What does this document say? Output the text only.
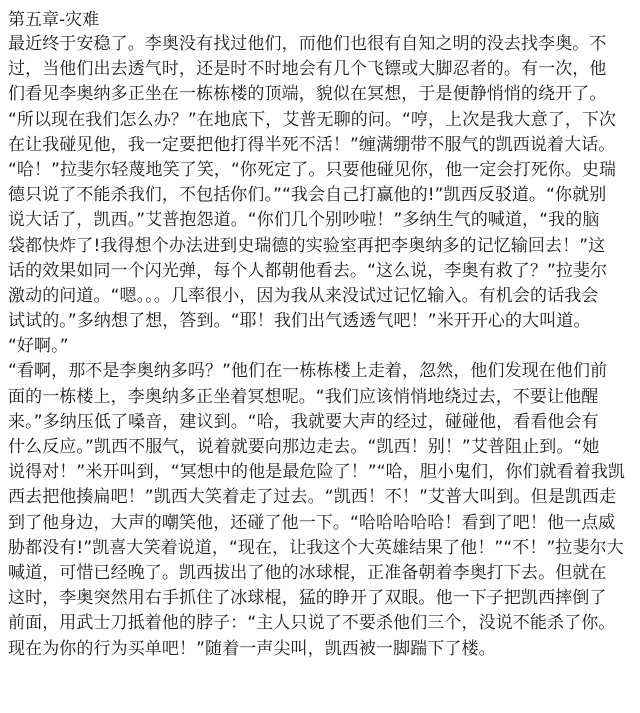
第五章-灾难
最近终于安稳了。李奥没有找过他们，而他们也很有自知之明的没去找李奥。不
过，当他们出去透气时，还是时不时地会有几个飞镖或大脚忍者的。有一次，他
们看见李奥纳多正坐在一栋栋楼的顶端，貌似在冥想，于是便静悄悄的绕开了。
“所以现在我们怎么办？”在地底下，艾普无聊的问。“哼，上次是我大意了，下次
在让我碰见他，我一定要把他打得半死不活！”缠满绷带不服气的凯西说着大话。
“哈！”拉斐尔轻蔑地笑了笑，“你死定了。只要他碰见你，他一定会打死你。史瑞
德只说了不能杀我们，不包括你们。”“我会自己打赢他的!”凯西反驳道。“你就别
说大话了，凯西。”艾普抱怨道。“你们几个别吵啦！”多纳生气的喊道，“我的脑
袋都快炸了!我得想个办法进到史瑞德的实验室再把李奥纳多的记忆输回去！”这
话的效果如同一个闪光弹，每个人都朝他看去。“这么说，李奥有救了？”拉斐尔
激动的问道。“嗯。。。几率很小，因为我从来没试过记忆输入。有机会的话我会
试试的。”多纳想了想，答到。“耶！我们出气透透气吧！”米开开心的大叫道。
“好啊。”
“看啊，那不是李奥纳多吗？”他们在一栋栋楼上走着，忽然，他们发现在他们前
面的一栋楼上，李奥纳多正坐着冥想呢。“我们应该悄悄地绕过去，不要让他醒
来。”多纳压低了嗓音，建议到。“哈，我就要大声的经过，碰碰他，看看他会有
什么反应。”凯西不服气，说着就要向那边走去。“凯西！别！”艾普阻止到。“她
说得对！”米开叫到，“冥想中的他是最危险了！”“哈，胆小鬼们，你们就看着我凯
西去把他揍扁吧！”凯西大笑着走了过去。“凯西！不！”艾普大叫到。但是凯西走
到了他身边，大声的嘲笑他，还碰了他一下。“哈哈哈哈哈！看到了吧！他一点威
胁都没有!”凯喜大笑着说道，“现在，让我这个大英雄结果了他！”“不！”拉斐尔大
喊道，可惜已经晚了。凯西拔出了他的冰球棍，正准备朝着李奥打下去。但就在
这时，李奥突然用右手抓住了冰球棍，猛的睁开了双眼。他一下子把凯西摔倒了
前面，用武士刀抵着他的脖子：“主人只说了不要杀他们三个，没说不能杀了你。
现在为你的行为买单吧！”随着一声尖叫，凯西被一脚踹下了楼。
